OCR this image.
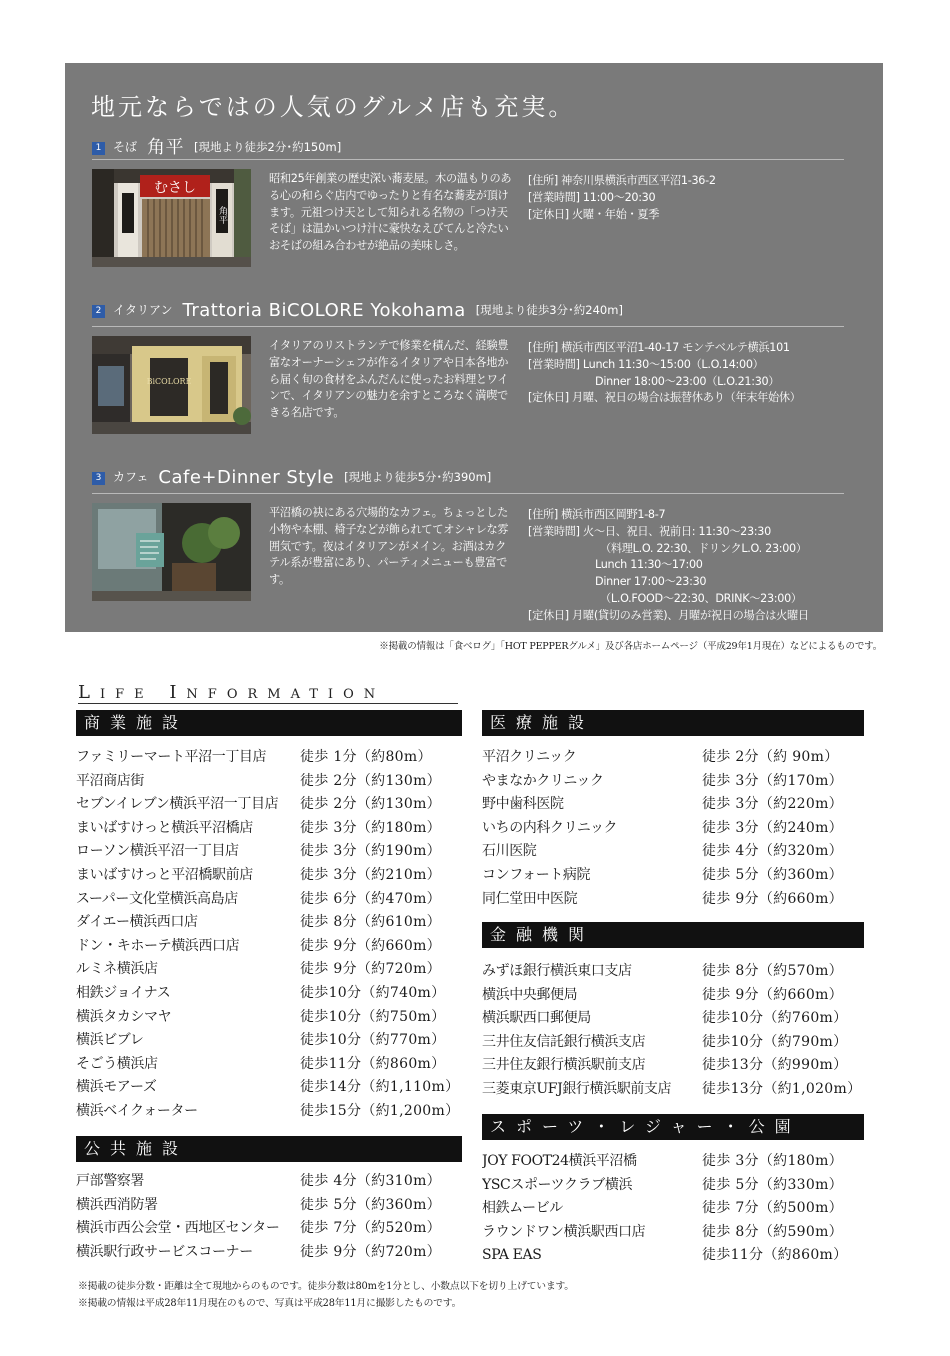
地元ならではの人気のグルメ店も充実。
1 そば 角平 [現地より徒歩2分･約150m]
むさし
角平
昭和25年創業の歴史深い蕎麦屋。木の温もりのある心の和らぐ店内でゆったりと有名な蕎麦が頂けます。元祖つけ天として知られる名物の「つけ天そば」は温かいつけ汁に豪快なえびてんと冷たいおそばの組み合わせが絶品の美味しさ。
[住所] 神奈川県横浜市西区平沼1-36-2
[営業時間] 11:00〜20:30
[定休日] 火曜・年始・夏季
2 イタリアン Trattoria BiCOLORE Yokohama [現地より徒歩3分･約240m]
BiCOLORE
イタリアのリストランテで修業を積んだ、経験豊富なオーナーシェフが作るイタリアや日本各地から届く旬の食材をふんだんに使ったお料理とワインで、イタリアンの魅力を余すところなく満喫できる名店です。
[住所] 横浜市西区平沼1-40-17 モンテベルテ横浜101
[営業時間] Lunch 11:30〜15:00（L.O.14:00）
Dinner 18:00〜23:00（L.O.21:30）
[定休日] 月曜、祝日の場合は振替休あり（年末年始休）
3 カフェ Cafe+Dinner Style [現地より徒歩5分･約390m]
平沼橋の袂にある穴場的なカフェ。ちょっとした小物や本棚、椅子などが飾られててオシャレな雰囲気です。夜はイタリアンがメイン。お酒はカクテル系が豊富にあり、パーティメニューも豊富です。
[住所] 横浜市西区岡野1-8-7
[営業時間] 火〜日、祝日、祝前日: 11:30〜23:30
（料理L.O. 22:30、ドリンクL.O. 23:00）
Lunch 11:30〜17:00
Dinner 17:00〜23:30
（L.O.FOOD〜22:30、DRINK〜23:00）
[定休日] 月曜(貸切のみ営業)、月曜が祝日の場合は火曜日
※掲載の情報は「食べログ」「HOT PEPPERグルメ」及び各店ホームページ（平成29年1月現在）などによるものです。
Life Information
商業施設
ファミリーマート平沼一丁目店	徒歩 1分（約80m）
平沼商店街	徒歩 2分（約130m）
セブンイレブン横浜平沼一丁目店	徒歩 2分（約130m）
まいばすけっと横浜平沼橋店	徒歩 3分（約180m）
ローソン横浜平沼一丁目店	徒歩 3分（約190m）
まいばすけっと平沼橋駅前店	徒歩 3分（約210m）
スーパー文化堂横浜高島店	徒歩 6分（約470m）
ダイエー横浜西口店	徒歩 8分（約610m）
ドン・キホーテ横浜西口店	徒歩 9分（約660m）
ルミネ横浜店	徒歩 9分（約720m）
相鉄ジョイナス	徒歩10分（約740m）
横浜タカシマヤ	徒歩10分（約750m）
横浜ビブレ	徒歩10分（約770m）
そごう横浜店	徒歩11分（約860m）
横浜モアーズ	徒歩14分（約1,110m）
横浜ベイクォーター	徒歩15分（約1,200m）
公共施設
戸部警察署	徒歩 4分（約310m）
横浜西消防署	徒歩 5分（約360m）
横浜市西公会堂・西地区センター	徒歩 7分（約520m）
横浜駅行政サービスコーナー	徒歩 9分（約720m）
医療施設
平沼クリニック	徒歩 2分（約 90m）
やまなかクリニック	徒歩 3分（約170m）
野中歯科医院	徒歩 3分（約220m）
いちの内科クリニック	徒歩 3分（約240m）
石川医院	徒歩 4分（約320m）
コンフォート病院	徒歩 5分（約360m）
同仁堂田中医院	徒歩 9分（約660m）
金融機関
みずほ銀行横浜東口支店	徒歩 8分（約570m）
横浜中央郵便局	徒歩 9分（約660m）
横浜駅西口郵便局	徒歩10分（約760m）
三井住友信託銀行横浜支店	徒歩10分（約790m）
三井住友銀行横浜駅前支店	徒歩13分（約990m）
三菱東京UFJ銀行横浜駅前支店	徒歩13分（約1,020m）
スポーツ・レジャー・公園
JOY FOOT24横浜平沼橋	徒歩 3分（約180m）
YSCスポーツクラブ横浜	徒歩 5分（約330m）
相鉄ムービル	徒歩 7分（約500m）
ラウンドワン横浜駅西口店	徒歩 8分（約590m）
SPA EAS	徒歩11分（約860m）
※掲載の徒歩分数・距離は全て現地からのものです。徒歩分数は80mを1分とし、小数点以下を切り上げています。
※掲載の情報は平成28年11月現在のもので、写真は平成28年11月に撮影したものです。
